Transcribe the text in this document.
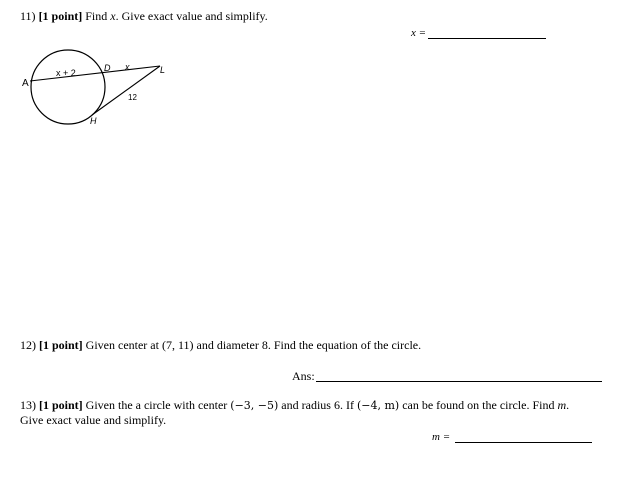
11) [1 point] Find x. Give exact value and simplify.
x =
A
D x	L
H
x + 2
12
12) [1 point] Given center at (7, 11) and diameter 8. Find the equation of the circle.
Ans:
13) [1 point] Given the a circle with center (−3, −5) and radius 6. If (−4, m) can be found on the circle. Find m.
Give exact value and simplify.
m =
